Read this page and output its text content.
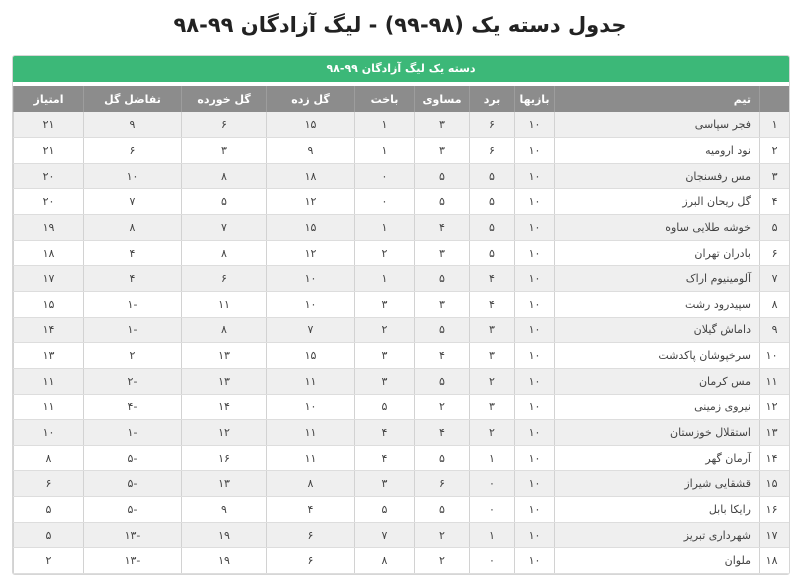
جدول دسته یک (۹۸-۹۹) - لیگ آزادگان ۹۹-۹۸
دسته یک لیگ آزادگان ۹۹-۹۸
	تیم	بازیها	برد	مساوی	باخت	گل زده	گل خورده	تفاضل گل	امتیاز
۱	فجر سپاسی	۱۰	۶	۳	۱	۱۵	۶	۹	۲۱
۲	نود ارومیه	۱۰	۶	۳	۱	۹	۳	۶	۲۱
۳	مس رفسنجان	۱۰	۵	۵	۰	۱۸	۸	۱۰	۲۰
۴	گل ریحان البرز	۱۰	۵	۵	۰	۱۲	۵	۷	۲۰
۵	خوشه طلایی ساوه	۱۰	۵	۴	۱	۱۵	۷	۸	۱۹
۶	بادران تهران	۱۰	۵	۳	۲	۱۲	۸	۴	۱۸
۷	آلومینیوم اراک	۱۰	۴	۵	۱	۱۰	۶	۴	۱۷
۸	سپیدرود رشت	۱۰	۴	۳	۳	۱۰	۱۱	-۱	۱۵
۹	داماش گیلان	۱۰	۳	۵	۲	۷	۸	-۱	۱۴
۱۰	سرخپوشان پاکدشت	۱۰	۳	۴	۳	۱۵	۱۳	۲	۱۳
۱۱	مس کرمان	۱۰	۲	۵	۳	۱۱	۱۳	-۲	۱۱
۱۲	نیروی زمینی	۱۰	۳	۲	۵	۱۰	۱۴	-۴	۱۱
۱۳	استقلال خوزستان	۱۰	۲	۴	۴	۱۱	۱۲	-۱	۱۰
۱۴	آرمان گهر	۱۰	۱	۵	۴	۱۱	۱۶	-۵	۸
۱۵	قشقایی شیراز	۱۰	۰	۶	۳	۸	۱۳	-۵	۶
۱۶	رایکا بابل	۱۰	۰	۵	۵	۴	۹	-۵	۵
۱۷	شهرداری تبریز	۱۰	۱	۲	۷	۶	۱۹	-۱۳	۵
۱۸	ملوان	۱۰	۰	۲	۸	۶	۱۹	-۱۳	۲
